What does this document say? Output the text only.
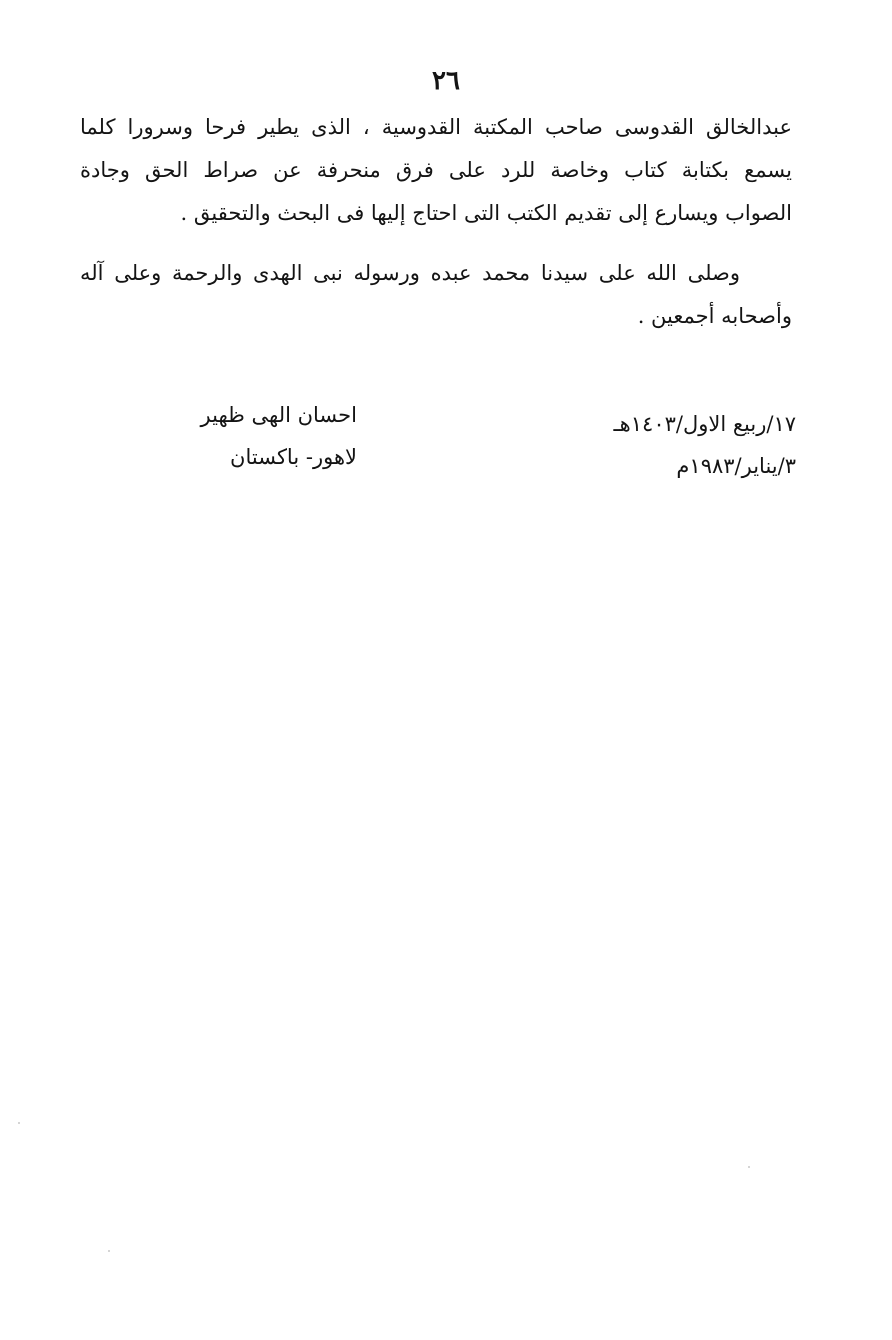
٢٦
عبدالخالق القدوسى صاحب المكتبة القدوسية ، الذى يطير فرحا وسرورا كلما
يسمع بكتابة كتاب وخاصة للرد على فرق منحرفة عن صراط الحق وجادة
الصواب ويسارع إلى تقديم الكتب التى احتاج إليها فى البحث والتحقيق .
وصلى الله على سيدنا محمد عبده ورسوله نبى الهدى والرحمة وعلى آله
وأصحابه أجمعين .
١٧/ربيع الاول/١٤٠٣هـ
٣/يناير/١٩٨٣م
احسان الهى ظهير
لاهور- باكستان
